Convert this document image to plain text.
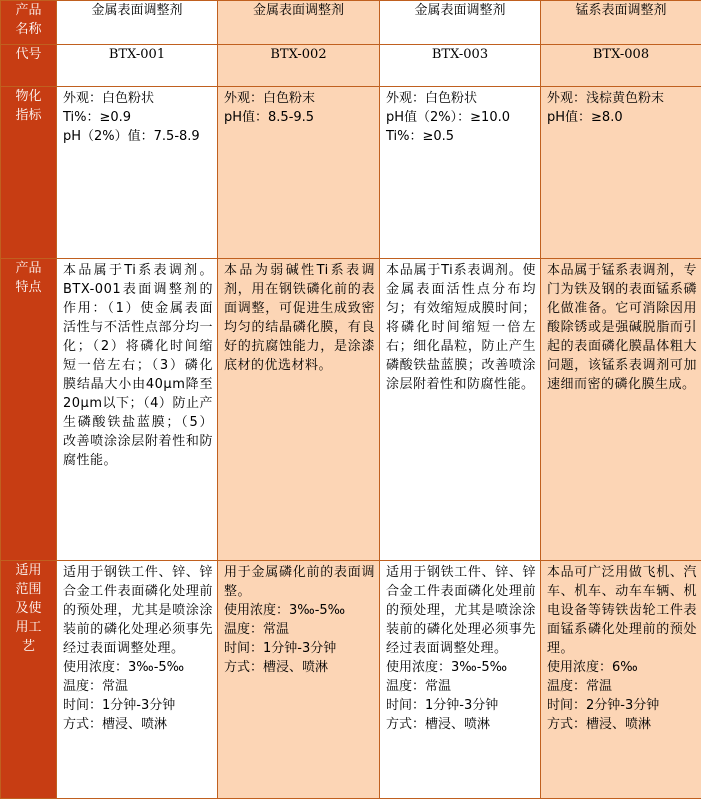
产品名称	金属表面调整剂	金属表面调整剂	金属表面调整剂	锰系表面调整剂
代号	BTX-001	BTX-002	BTX-003	BTX-008
物化指标	外观：白色粉状
Ti%：≥0.9
pH（2%）值：7.5-8.9	外观：白色粉末
pH值：8.5-9.5	外观：白色粉状
pH值（2%）：≥10.0
Ti%：≥0.5	外观：浅棕黄色粉末
pH值：≥8.0

产品特点	本品属于Ti系表调剂。BTX-001表面调整剂的作用：（1）使金属表面活性与不活性点部分均一化；（2）将磷化时间缩短一倍左右；（3）磷化膜结晶大小由40μm降至20μm以下；（4）防止产生磷酸铁盐蓝膜；（5）改善喷涂涂层附着性和防腐性能。	本品为弱碱性Ti系表调剂，用在钢铁磷化前的表面调整，可促进生成致密均匀的结晶磷化膜，有良好的抗腐蚀能力，是涂漆底材的优选材料。	本品属于Ti系表调剂。使金属表面活性点分布均匀；有效缩短成膜时间；将磷化时间缩短一倍左右；细化晶粒，防止产生磷酸铁盐蓝膜；改善喷涂涂层附着性和防腐性能。	本品属于锰系表调剂，专门为铁及钢的表面锰系磷化做准备。它可消除因用酸除锈或是强碱脱脂而引起的表面磷化膜晶体粗大问题，该锰系表调剂可加速细而密的磷化膜生成。

适用范围及使用工艺	适用于钢铁工件、锌、锌合金工件表面磷化处理前的预处理，尤其是喷涂涂装前的磷化处理必须事先经过表面调整处理。
使用浓度：3‰-5‰
温度：常温
时间：1分钟-3分钟
方式：槽浸、喷淋	用于金属磷化前的表面调整。
使用浓度：3‰-5‰
温度：常温
时间：1分钟-3分钟
方式：槽浸、喷淋	适用于钢铁工件、锌、锌合金工件表面磷化处理前的预处理，尤其是喷涂涂装前的磷化处理必须事先经过表面调整处理。
使用浓度：3‰-5‰
温度：常温
时间：1分钟-3分钟
方式：槽浸、喷淋	本品可广泛用做飞机、汽车、机车、动车车辆、机电设备等铸铁齿轮工件表面锰系磷化处理前的预处理。
使用浓度：6‰
温度：常温
时间：2分钟-3分钟
方式：槽浸、喷淋
